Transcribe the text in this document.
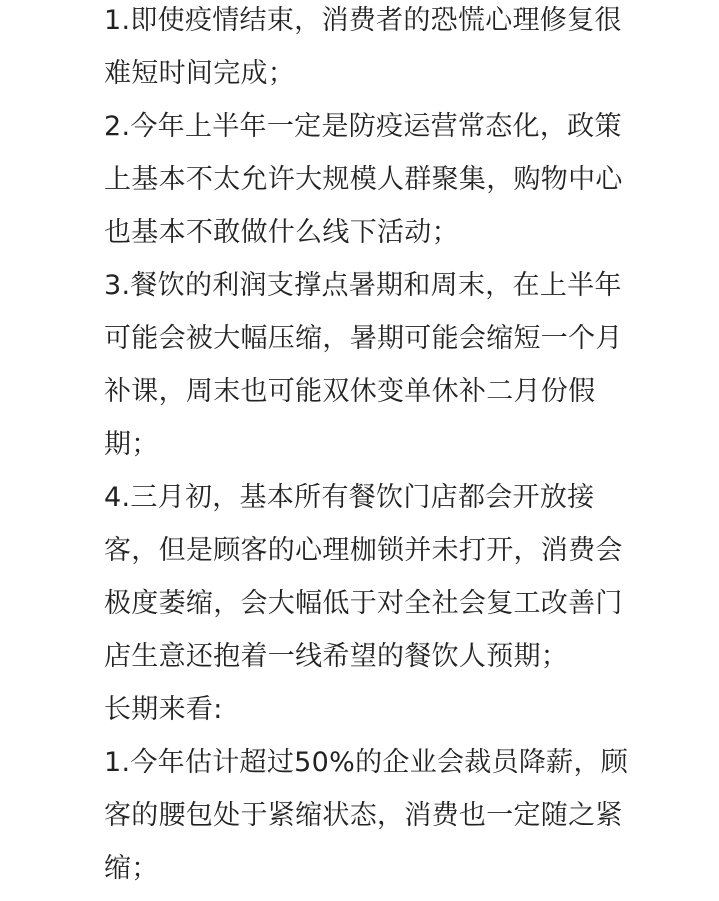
1.即使疫情结束，消费者的恐慌心理修复很
难短时间完成；
2.今年上半年一定是防疫运营常态化，政策
上基本不太允许大规模人群聚集，购物中心
也基本不敢做什么线下活动；
3.餐饮的利润支撑点暑期和周末，在上半年
可能会被大幅压缩，暑期可能会缩短一个月
补课，周末也可能双休变单休补二月份假
期；
4.三月初，基本所有餐饮门店都会开放接
客，但是顾客的心理枷锁并未打开，消费会
极度萎缩，会大幅低于对全社会复工改善门
店生意还抱着一线希望的餐饮人预期；
长期来看:
1.今年估计超过50%的企业会裁员降薪，顾
客的腰包处于紧缩状态，消费也一定随之紧
缩；
